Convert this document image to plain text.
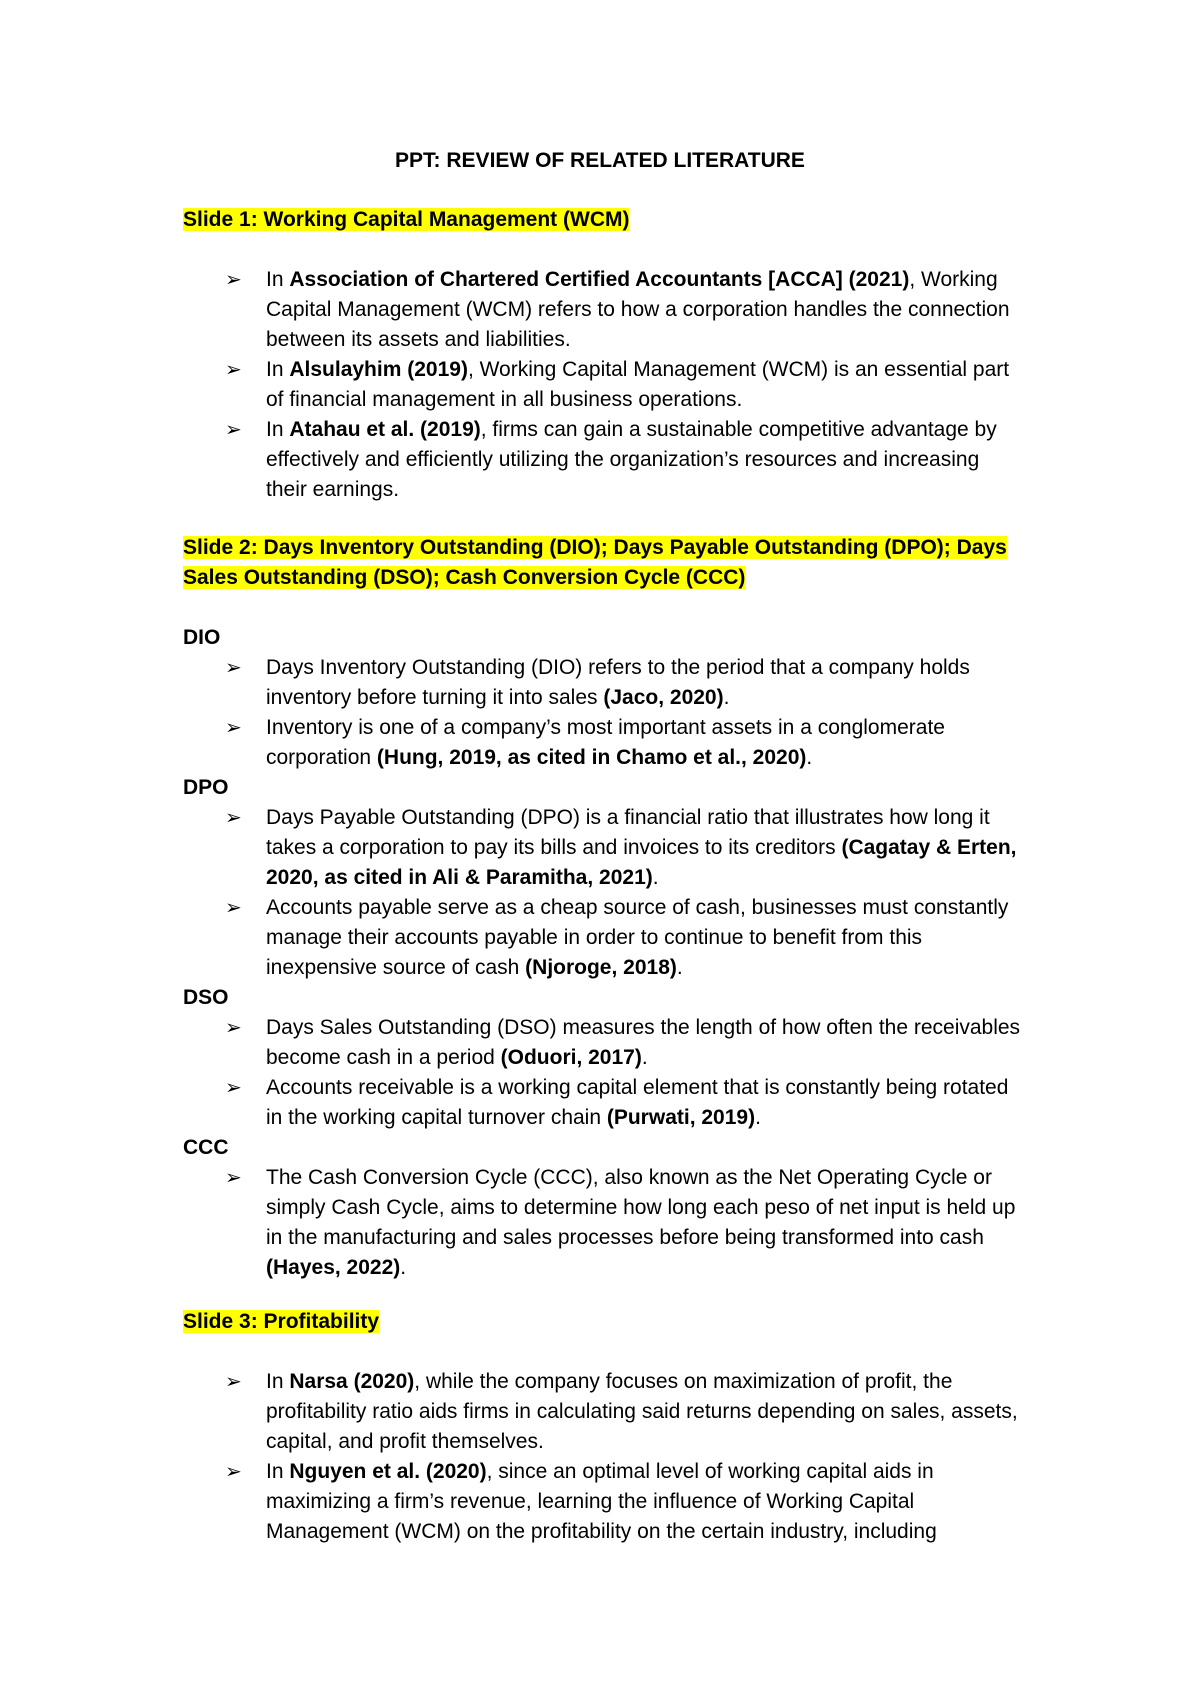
PPT: REVIEW OF RELATED LITERATURE

Slide 1: Working Capital Management (WCM)

➢ In Association of Chartered Certified Accountants [ACCA] (2021), Working Capital Management (WCM) refers to how a corporation handles the connection between its assets and liabilities.
➢ In Alsulayhim (2019), Working Capital Management (WCM) is an essential part of financial management in all business operations.
➢ In Atahau et al. (2019), firms can gain a sustainable competitive advantage by effectively and efficiently utilizing the organization’s resources and increasing their earnings.

Slide 2: Days Inventory Outstanding (DIO); Days Payable Outstanding (DPO); Days Sales Outstanding (DSO); Cash Conversion Cycle (CCC)

DIO

➢ Days Inventory Outstanding (DIO) refers to the period that a company holds inventory before turning it into sales (Jaco, 2020).
➢ Inventory is one of a company’s most important assets in a conglomerate corporation (Hung, 2019, as cited in Chamo et al., 2020).

DPO

➢ Days Payable Outstanding (DPO) is a financial ratio that illustrates how long it takes a corporation to pay its bills and invoices to its creditors (Cagatay & Erten, 2020, as cited in Ali & Paramitha, 2021).
➢ Accounts payable serve as a cheap source of cash, businesses must constantly manage their accounts payable in order to continue to benefit from this inexpensive source of cash (Njoroge, 2018).

DSO

➢ Days Sales Outstanding (DSO) measures the length of how often the receivables become cash in a period (Oduori, 2017).
➢ Accounts receivable is a working capital element that is constantly being rotated in the working capital turnover chain (Purwati, 2019).

CCC

➢ The Cash Conversion Cycle (CCC), also known as the Net Operating Cycle or simply Cash Cycle, aims to determine how long each peso of net input is held up in the manufacturing and sales processes before being transformed into cash (Hayes, 2022).

Slide 3: Profitability

➢ In Narsa (2020), while the company focuses on maximization of profit, the profitability ratio aids firms in calculating said returns depending on sales, assets, capital, and profit themselves.
➢ In Nguyen et al. (2020), since an optimal level of working capital aids in maximizing a firm’s revenue, learning the influence of Working Capital Management (WCM) on the profitability on the certain industry, including
